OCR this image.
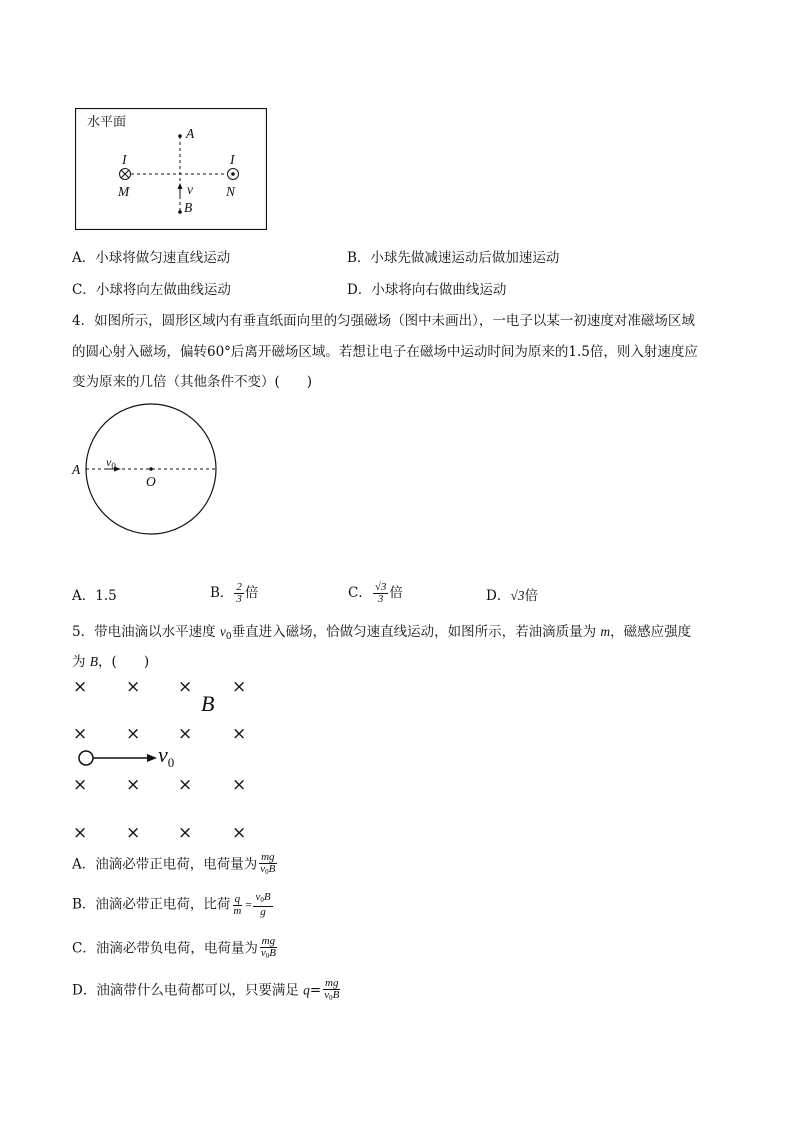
水平面
A
I	I
M	N
v
B
A．小球将做匀速直线运动	B．小球先做减速运动后做加速运动
C．小球将向左做曲线运动	D．小球将向右做曲线运动
4．如图所示，圆形区域内有垂直纸面向里的匀强磁场（图中未画出），一电子以某一初速度对准磁场区域
的圆心射入磁场，偏转60°后离开磁场区域。若想让电子在磁场中运动时间为原来的1.5倍，则入射速度应
变为原来的几倍（其他条件不变）(　　)
A
O
$v_0$
A．1.5	B． $\frac{2}{3}$ 倍	C． $\frac{√3}{3}$ 倍	D．√3倍
5．带电油滴以水平速度 $v_0$垂直进入磁场，恰做匀速直线运动，如图所示，若油滴质量为 m，磁感应强度
为 B，(　　)
× × × ×
× × × ×
× × × ×
× × × ×
B
$v_0$
A．油滴必带正电荷，电荷量为 $\frac{mg}{v_0B}$
B．油滴必带正电荷，比荷 $\frac{q}{m} = \frac{v_0B}{g}$
C．油滴必带负电荷，电荷量为 $\frac{mg}{v_0B}$
D．油滴带什么电荷都可以，只要满足 $q= \frac{mg}{v_0B}$
